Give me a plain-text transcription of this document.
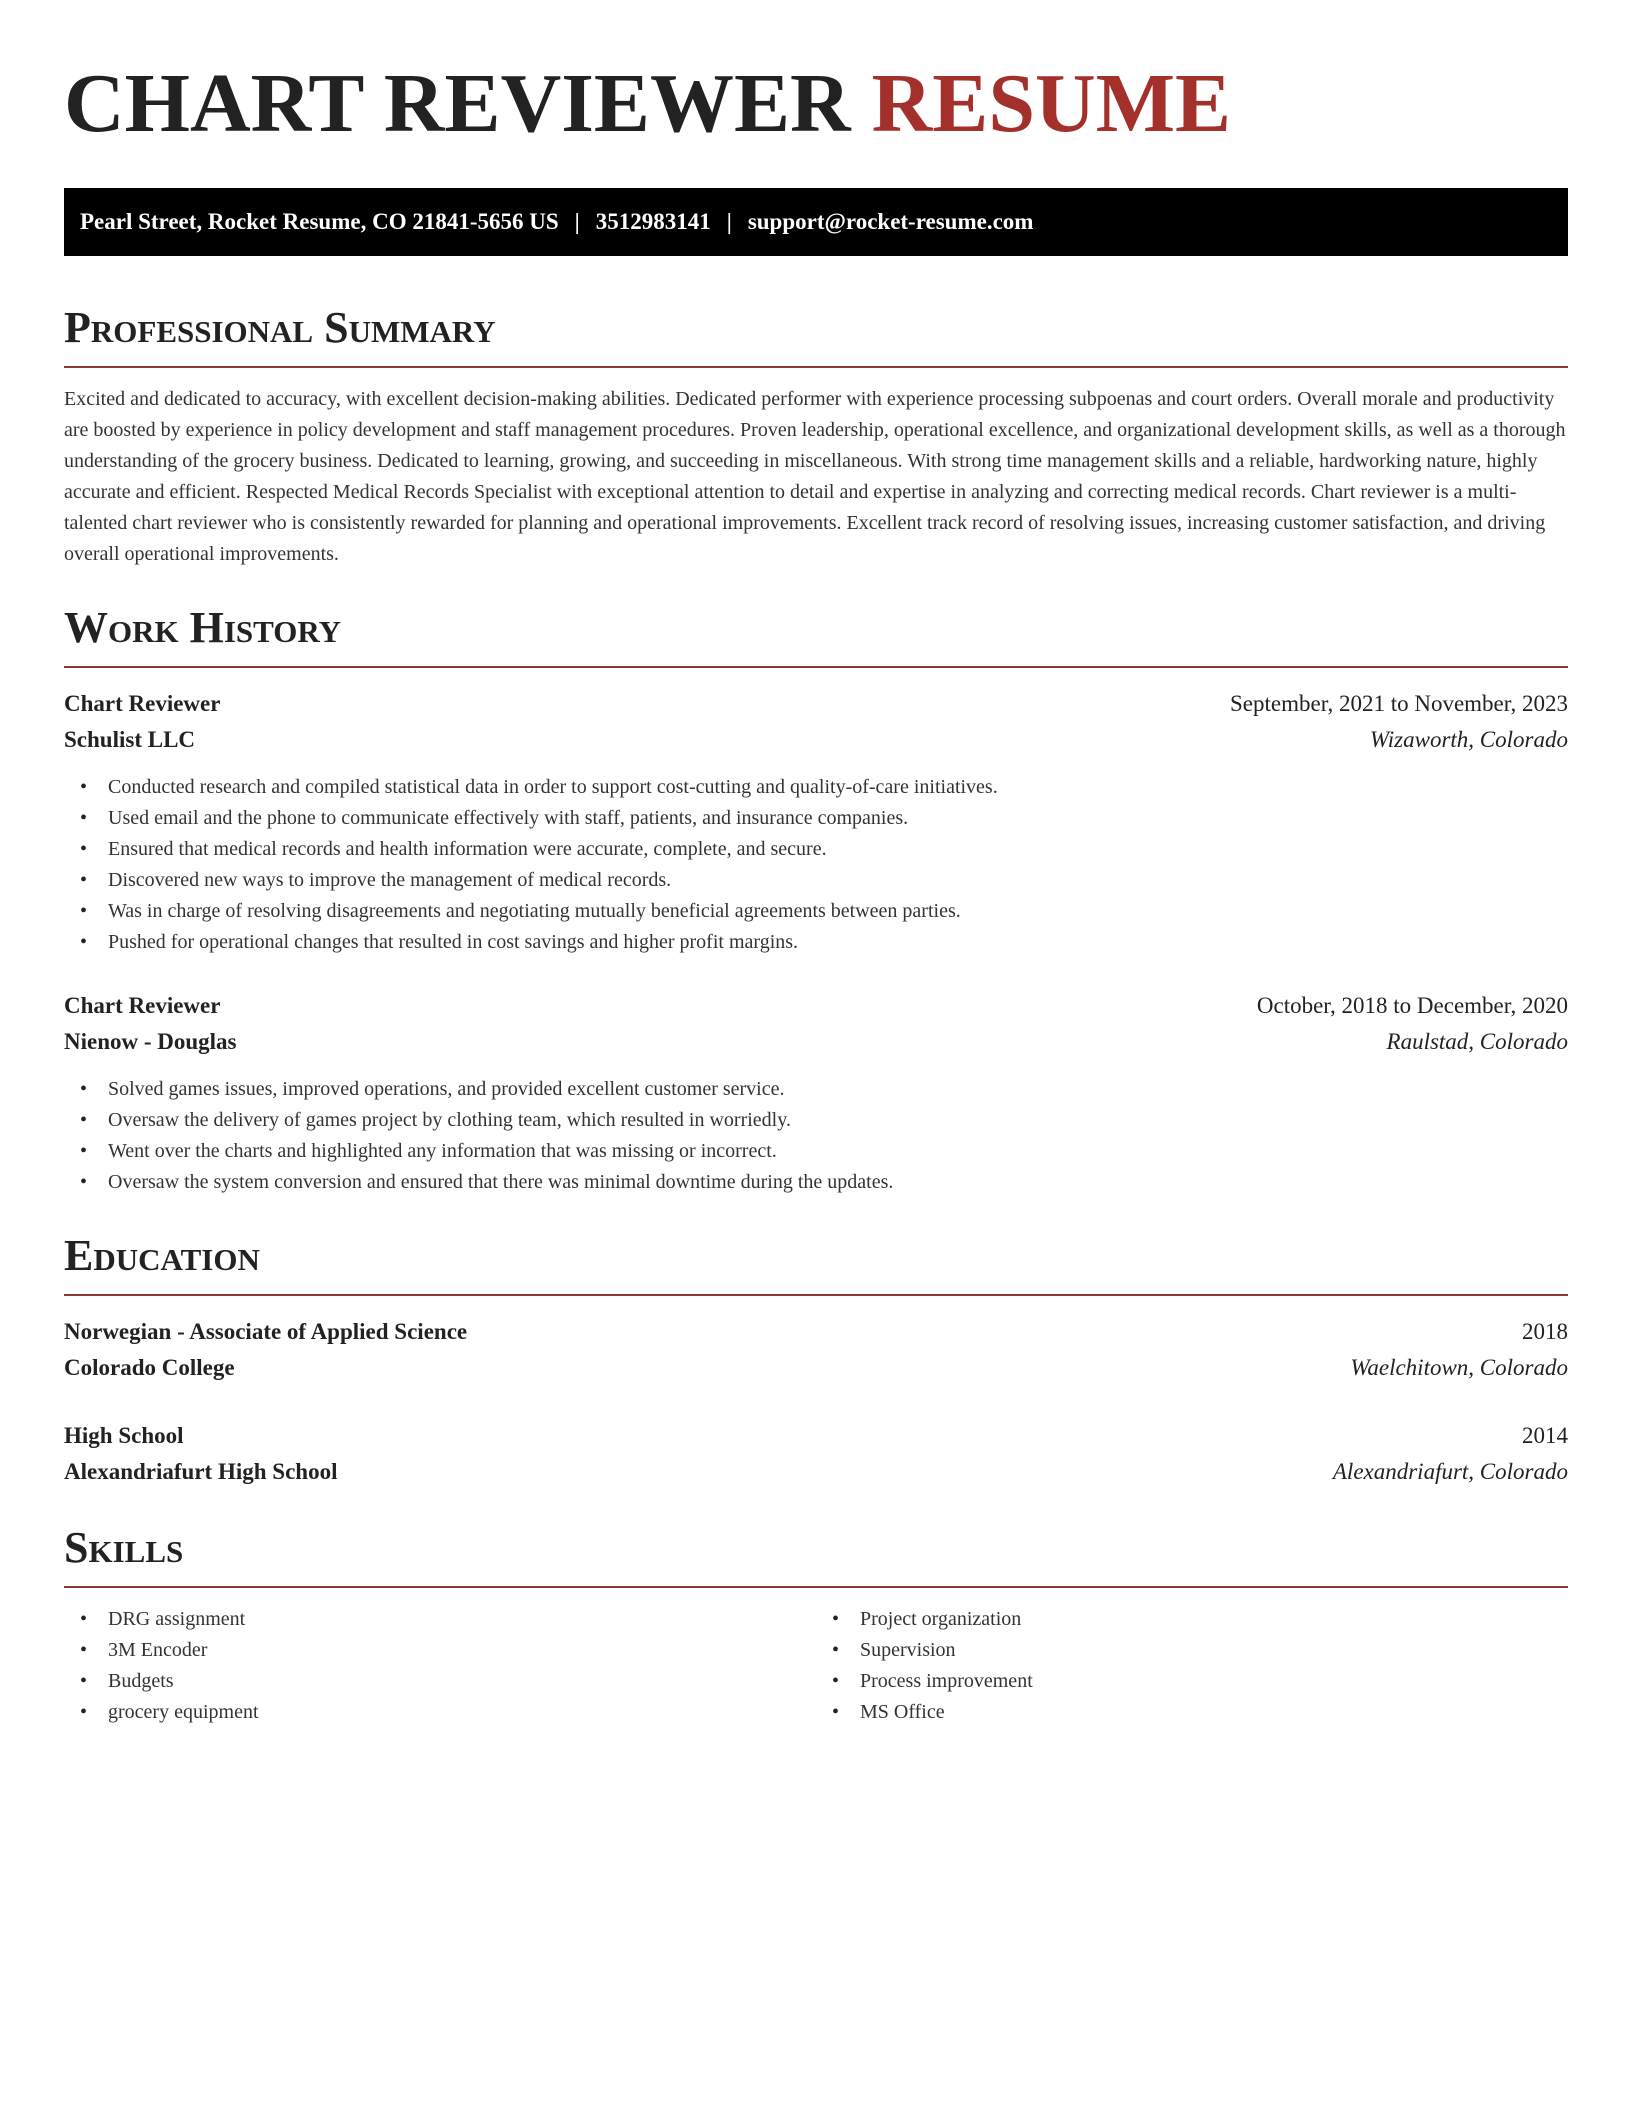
CHART REVIEWER RESUME
Pearl Street, Rocket Resume, CO 21841-5656 US | 3512983141 | support@rocket-resume.com
Professional Summary

Excited and dedicated to accuracy, with excellent decision-making abilities. Dedicated performer with experience processing subpoenas and court orders. Overall morale and productivity are boosted by experience in policy development and staff management procedures. Proven leadership, operational excellence, and organizational development skills, as well as a thorough understanding of the grocery business. Dedicated to learning, growing, and succeeding in miscellaneous. With strong time management skills and a reliable, hardworking nature, highly accurate and efficient. Respected Medical Records Specialist with exceptional attention to detail and expertise in analyzing and correcting medical records. Chart reviewer is a multi-talented chart reviewer who is consistently rewarded for planning and operational improvements. Excellent track record of resolving issues, increasing customer satisfaction, and driving overall operational improvements.

Work History
Chart Reviewer	September, 2021 to November, 2023
Schulist LLC	Wizaworth, Colorado
• Conducted research and compiled statistical data in order to support cost-cutting and quality-of-care initiatives.
• Used email and the phone to communicate effectively with staff, patients, and insurance companies.
• Ensured that medical records and health information were accurate, complete, and secure.
• Discovered new ways to improve the management of medical records.
• Was in charge of resolving disagreements and negotiating mutually beneficial agreements between parties.
• Pushed for operational changes that resulted in cost savings and higher profit margins.
Chart Reviewer	October, 2018 to December, 2020
Nienow - Douglas	Raulstad, Colorado
• Solved games issues, improved operations, and provided excellent customer service.
• Oversaw the delivery of games project by clothing team, which resulted in worriedly.
• Went over the charts and highlighted any information that was missing or incorrect.
• Oversaw the system conversion and ensured that there was minimal downtime during the updates.
Education
Norwegian - Associate of Applied Science	2018
Colorado College	Waelchitown, Colorado
High School	2014
Alexandriafurt High School	Alexandriafurt, Colorado
Skills
• DRG assignment
• 3M Encoder
• Budgets
• grocery equipment
• Project organization
• Supervision
• Process improvement
• MS Office
